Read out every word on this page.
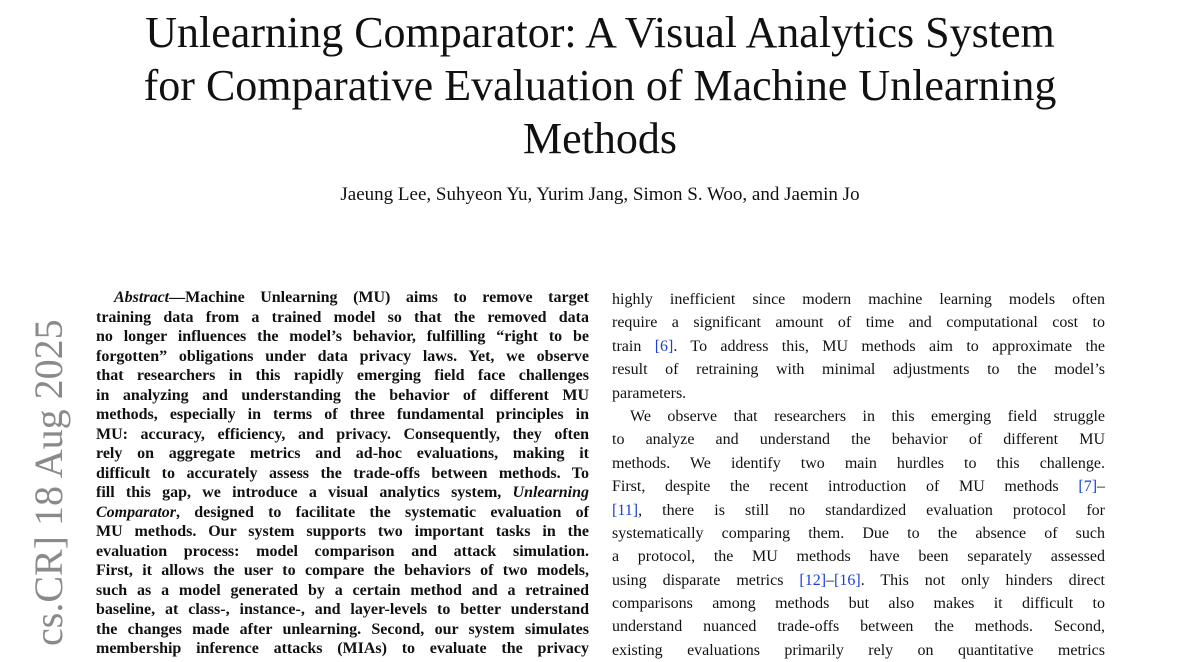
Unlearning Comparator: A Visual Analytics System
for Comparative Evaluation of Machine Unlearning
Methods

Jaeung Lee, Suhyeon Yu, Yurim Jang, Simon S. Woo, and Jaemin Jo

cs.CR] 18 Aug 2025
Abstract—Machine Unlearning (MU) aims to remove target
training data from a trained model so that the removed data
no longer influences the model’s behavior, fulfilling “right to be
forgotten” obligations under data privacy laws. Yet, we observe
that researchers in this rapidly emerging field face challenges
in analyzing and understanding the behavior of different MU
methods, especially in terms of three fundamental principles in
MU: accuracy, efficiency, and privacy. Consequently, they often
rely on aggregate metrics and ad-hoc evaluations, making it
difficult to accurately assess the trade-offs between methods. To
fill this gap, we introduce a visual analytics system, Unlearning
Comparator, designed to facilitate the systematic evaluation of
MU methods. Our system supports two important tasks in the
evaluation process: model comparison and attack simulation.
First, it allows the user to compare the behaviors of two models,
such as a model generated by a certain method and a retrained
baseline, at class-, instance-, and layer-levels to better understand
the changes made after unlearning. Second, our system simulates
membership inference attacks (MIAs) to evaluate the privacy
highly inefficient since modern machine learning models often
require a significant amount of time and computational cost to
train [6]. To address this, MU methods aim to approximate the
result of retraining with minimal adjustments to the model’s
parameters.
We observe that researchers in this emerging field struggle
to analyze and understand the behavior of different MU
methods. We identify two main hurdles to this challenge.
First, despite the recent introduction of MU methods [7]–
[11], there is still no standardized evaluation protocol for
systematically comparing them. Due to the absence of such
a protocol, the MU methods have been separately assessed
using disparate metrics [12]–[16]. This not only hinders direct
comparisons among methods but also makes it difficult to
understand nuanced trade-offs between the methods. Second,
existing evaluations primarily rely on quantitative metrics
